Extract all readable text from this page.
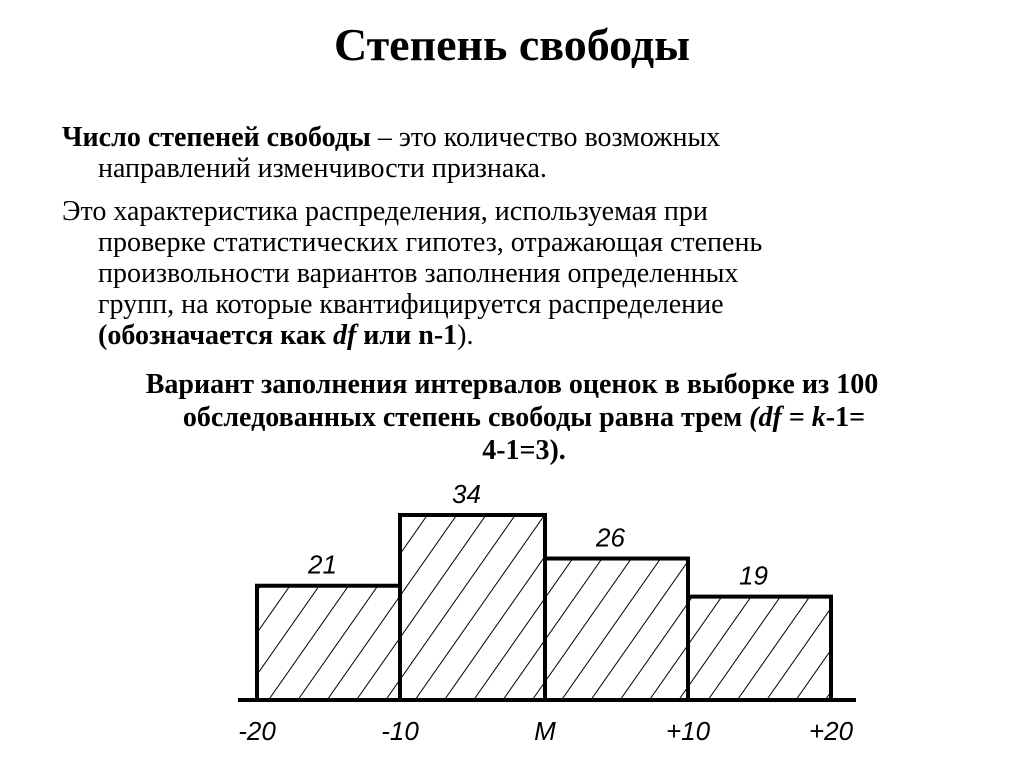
Степень свободы

Число степеней свободы – это количество возможных
направлений изменчивости признака.

Это характеристика распределения, используемая при
проверке статистических гипотез, отражающая степень
произвольности вариантов заполнения определенных
групп, на которые квантифицируется распределение
(обозначается как df или n-1).

Вариант заполнения интервалов оценок в выборке из 100
обследованных степень свободы равна трем (df = k-1=
4-1=3).

21
34
26
19
-20	-10	M	+10	+20
